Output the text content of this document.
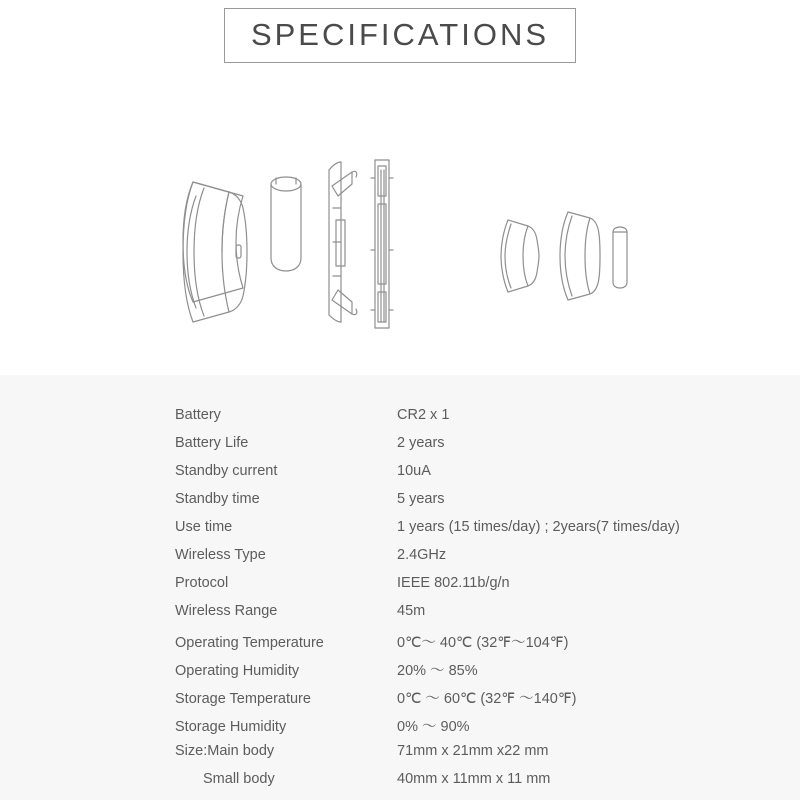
SPECIFICATIONS
Battery	CR2 x 1
Battery Life	2 years
Standby current	10uA
Standby time	5 years
Use time	1 years (15 times/day) ; 2years(7 times/day)
Wireless Type	2.4GHz
Protocol	IEEE 802.11b/g/n
Wireless Range	45m
Operating Temperature	0℃～ 40℃ (32℉～104℉)
Operating Humidity	20% ～ 85%
Storage Temperature	0℃ ～ 60℃ (32℉ ～140℉)
Storage Humidity	0% ～ 90%
Size:Main body	71mm x 21mm x22 mm
Small body	40mm x 11mm x 11 mm
